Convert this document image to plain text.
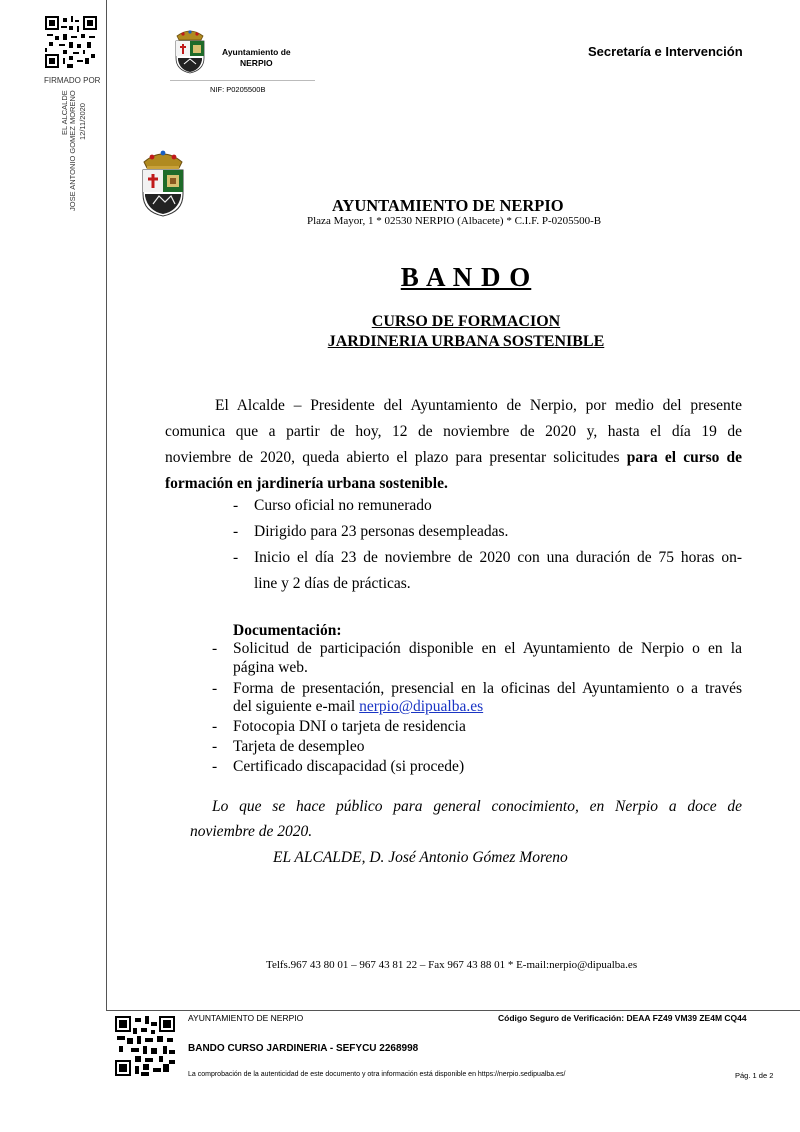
FIRMADO POR
12/11/2020
EL ALCALDE JOSE ANTONIO GOMEZ MORENO
Ayuntamiento de
NERPIO
NIF: P0205500B
Secretaría e Intervención
AYUNTAMIENTO DE NERPIO
Plaza Mayor, 1 * 02530 NERPIO (Albacete) * C.I.F. P-0205500-B
B A N D O
CURSO DE FORMACION
JARDINERIA URBANA SOSTENIBLE
El Alcalde – Presidente del Ayuntamiento de Nerpio, por medio del presente
comunica que a partir de hoy, 12 de noviembre de 2020 y, hasta el día 19 de
noviembre de 2020, queda abierto el plazo para presentar solicitudes para el curso de
formación en jardinería urbana sostenible.
- Curso oficial no remunerado
- Dirigido para 23 personas desempleadas.
- Inicio el día 23 de noviembre de 2020 con una duración de 75 horas on-
line y 2 días de prácticas.
Documentación:
- Solicitud de participación disponible en el Ayuntamiento de Nerpio o en la
página web.
- Forma de presentación, presencial en la oficinas del Ayuntamiento o a través
del siguiente e-mail nerpio@dipualba.es
- Fotocopia DNI o tarjeta de residencia
- Tarjeta de desempleo
- Certificado discapacidad (si procede)
Lo que se hace público para general conocimiento, en Nerpio a doce de
noviembre de 2020.
EL ALCALDE, D. José Antonio Gómez Moreno
Telfs.967 43 80 01 – 967 43 81 22 – Fax 967 43 88 01 * E-mail:nerpio@dipualba.es
AYUNTAMIENTO DE NERPIO	Código Seguro de Verificación: DEAA FZ49 VM39 ZE4M CQ44
BANDO CURSO JARDINERIA - SEFYCU 2268998
La comprobación de la autenticidad de este documento y otra información está disponible en https://nerpio.sedipualba.es/	Pág. 1 de 2
